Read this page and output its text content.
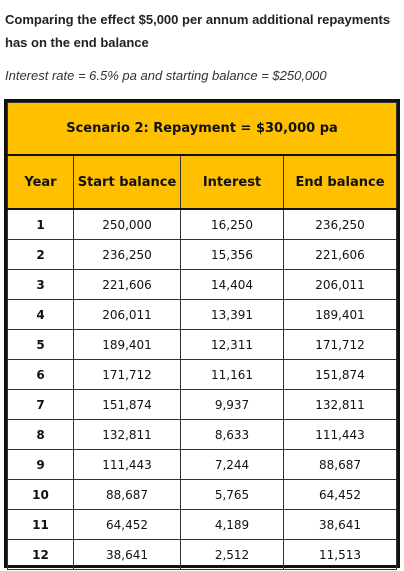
Comparing the effect $5,000 per annum additional repayments has on the end balance

Interest rate = 6.5% pa and starting balance = $250,000

Scenario 2: Repayment = $30,000 pa			
Year	Start balance	Interest	End balance
1	250,000	16,250	236,250
2	236,250	15,356	221,606
3	221,606	14,404	206,011
4	206,011	13,391	189,401
5	189,401	12,311	171,712
6	171,712	11,161	151,874
7	151,874	9,937	132,811
8	132,811	8,633	111,443
9	111,443	7,244	88,687
10	88,687	5,765	64,452
11	64,452	4,189	38,641
12	38,641	2,512	11,513
